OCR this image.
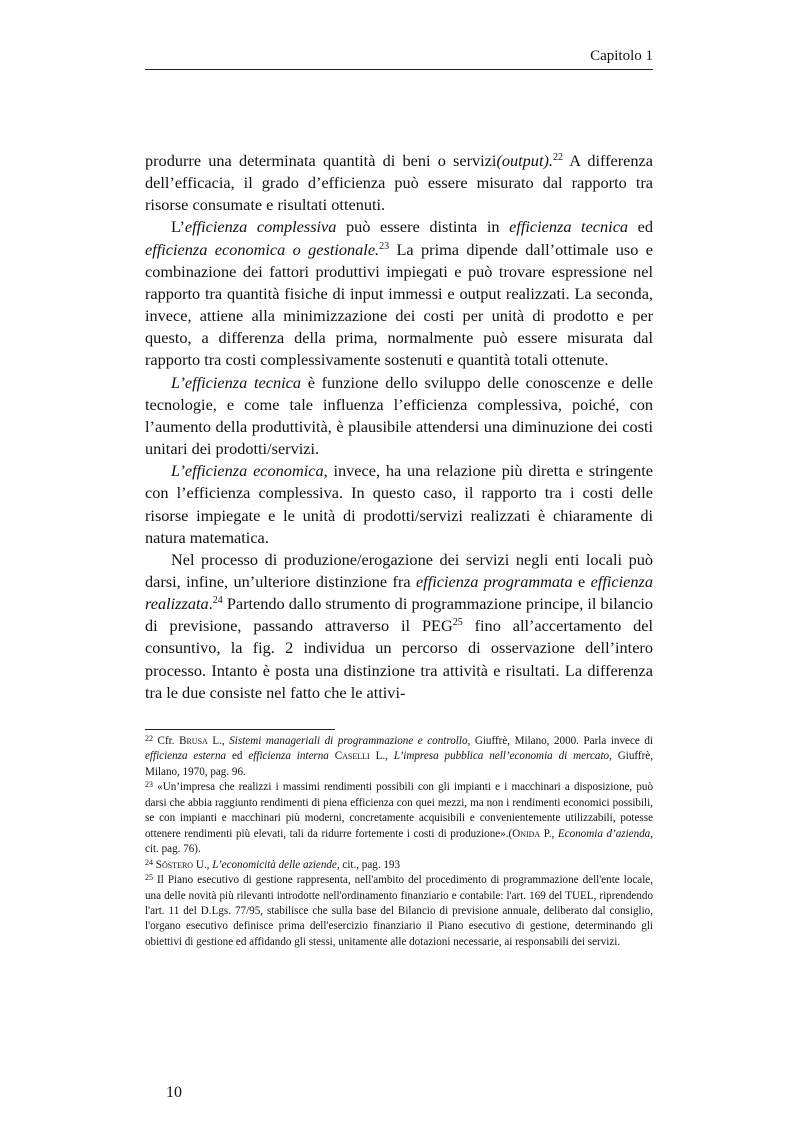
Capitolo 1

produrre una determinata quantità di beni o servizi(output).$^{22}$ A differenza dell’efficacia, il grado d’efficienza può essere misurato dal rapporto tra risorse consumate e risultati ottenuti.

L’efficienza complessiva può essere distinta in efficienza tecnica ed efficienza economica o gestionale.$^{23}$ La prima dipende dall’ottimale uso e combinazione dei fattori produttivi impiegati e può trovare espressione nel rapporto tra quantità fisiche di input immessi e output realizzati. La seconda, invece, attiene alla minimizzazione dei costi per unità di prodotto e per questo, a differenza della prima, normalmente può essere misurata dal rapporto tra costi complessivamente sostenuti e quantità totali ottenute.

L’efficienza tecnica è funzione dello sviluppo delle conoscenze e delle tecnologie, e come tale influenza l’efficienza complessiva, poiché, con l’aumento della produttività, è plausibile attendersi una diminuzione dei costi unitari dei prodotti/servizi.

L’efficienza economica, invece, ha una relazione più diretta e stringente con l’efficienza complessiva. In questo caso, il rapporto tra i costi delle risorse impiegate e le unità di prodotti/servizi realizzati è chiaramente di natura matematica.

Nel processo di produzione/erogazione dei servizi negli enti locali può darsi, infine, un’ulteriore distinzione fra efficienza programmata e efficienza realizzata.$^{24}$ Partendo dallo strumento di programmazione principe, il bilancio di previsione, passando attraverso il PEG$^{25}$ fino all’accertamento del consuntivo, la fig. 2 individua un percorso di osservazione dell’intero processo. Intanto è posta una distinzione tra attività e risultati. La differenza tra le due consiste nel fatto che le attivi-

$^{22}$ Cfr. Brusa L., Sistemi manageriali di programmazione e controllo, Giuffrè, Milano, 2000. Parla invece di efficienza esterna ed efficienza interna Caselli L., L’impresa pubblica nell’economia di mercato, Giuffrè, Milano, 1970, pag. 96.

$^{23}$ «Un’impresa che realizzi i massimi rendimenti possibili con gli impianti e i macchinari a disposizione, può darsi che abbia raggiunto rendimenti di piena efficienza con quei mezzi, ma non i rendimenti economici possibili, se con impianti e macchinari più moderni, concretamente acquisibili e convenientemente utilizzabili, potesse ottenere rendimenti più elevati, tali da ridurre fortemente i costi di produzione».(Onida P., Economia d’azienda, cit. pag. 76).

$^{24}$ Söstero U., L’economicità delle aziende, cit., pag. 193

$^{25}$ Il Piano esecutivo di gestione rappresenta, nell'ambito del procedimento di programmazione dell'ente locale, una delle novità più rilevanti introdotte nell'ordinamento finanziario e contabile: l'art. 169 del TUEL, riprendendo l'art. 11 del D.Lgs. 77/95, stabilisce che sulla base del Bilancio di previsione annuale, deliberato dal consiglio, l'organo esecutivo definisce prima dell'esercizio finanziario il Piano esecutivo di gestione, determinando gli obiettivi di gestione ed affidando gli stessi, unitamente alle dotazioni necessarie, ai responsabili dei servizi.

10
